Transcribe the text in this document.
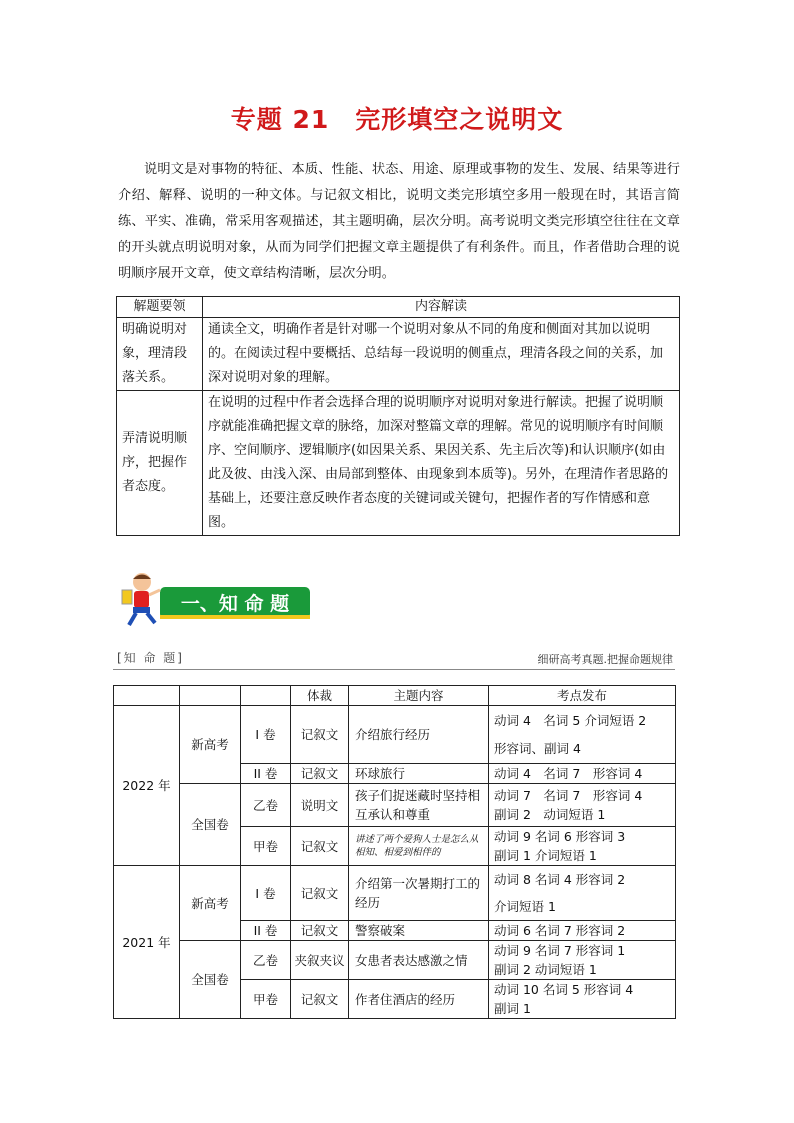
专题 21　完形填空之说明文

说明文是对事物的特征、本质、性能、状态、用途、原理或事物的发生、发展、结果等进行介绍、解释、说明的一种文体。与记叙文相比，说明文类完形填空多用一般现在时，其语言简练、平实、准确，常采用客观描述，其主题明确，层次分明。高考说明文类完形填空往往在文章的开头就点明说明对象，从而为同学们把握文章主题提供了有利条件。而且，作者借助合理的说明顺序展开文章，使文章结构清晰，层次分明。

解题要领	内容解读
明确说明对象，理清段落关系。	通读全文，明确作者是针对哪一个说明对象从不同的角度和侧面对其加以说明的。在阅读过程中要概括、总结每一段说明的侧重点，理清各段之间的关系，加深对说明对象的理解。
弄清说明顺序，把握作者态度。	在说明的过程中作者会选择合理的说明顺序对说明对象进行解读。把握了说明顺序就能准确把握文章的脉络，加深对整篇文章的理解。常见的说明顺序有时间顺序、空间顺序、逻辑顺序(如因果关系、果因关系、先主后次等)和认识顺序(如由此及彼、由浅入深、由局部到整体、由现象到本质等)。另外，在理清作者思路的基础上，还要注意反映作者态度的关键词或关键句，把握作者的写作情感和意图。
一、知 命 题
[知 命 题]	细研高考真题.把握命题规律
			体裁	主题内容	考点发布
2022 年	新高考	I 卷	记叙文	介绍旅行经历	动词 4　名词 5 介词短语 2
形容词、副词 4

		II 卷	记叙文	环球旅行	动词 4　名词 7　形容词 4

	全国卷	乙卷	说明文	孩子们捉迷藏时坚持相互承认和尊重	动词 7　名词 7　形容词 4
副词 2　动词短语 1

		甲卷	记叙文	讲述了两个爱狗人士是怎么从相知、相爱到相伴的	动词 9 名词 6 形容词 3
副词 1 介词短语 1

2021 年	新高考	I 卷	记叙文	介绍第一次暑期打工的经历	动词 8 名词 4 形容词 2
介词短语 1

		II 卷	记叙文	警察破案	动词 6 名词 7 形容词 2

	全国卷	乙卷	夹叙夹议	女患者表达感激之情	动词 9 名词 7 形容词 1
副词 2 动词短语 1

		甲卷	记叙文	作者住酒店的经历	动词 10 名词 5 形容词 4
副词 1
